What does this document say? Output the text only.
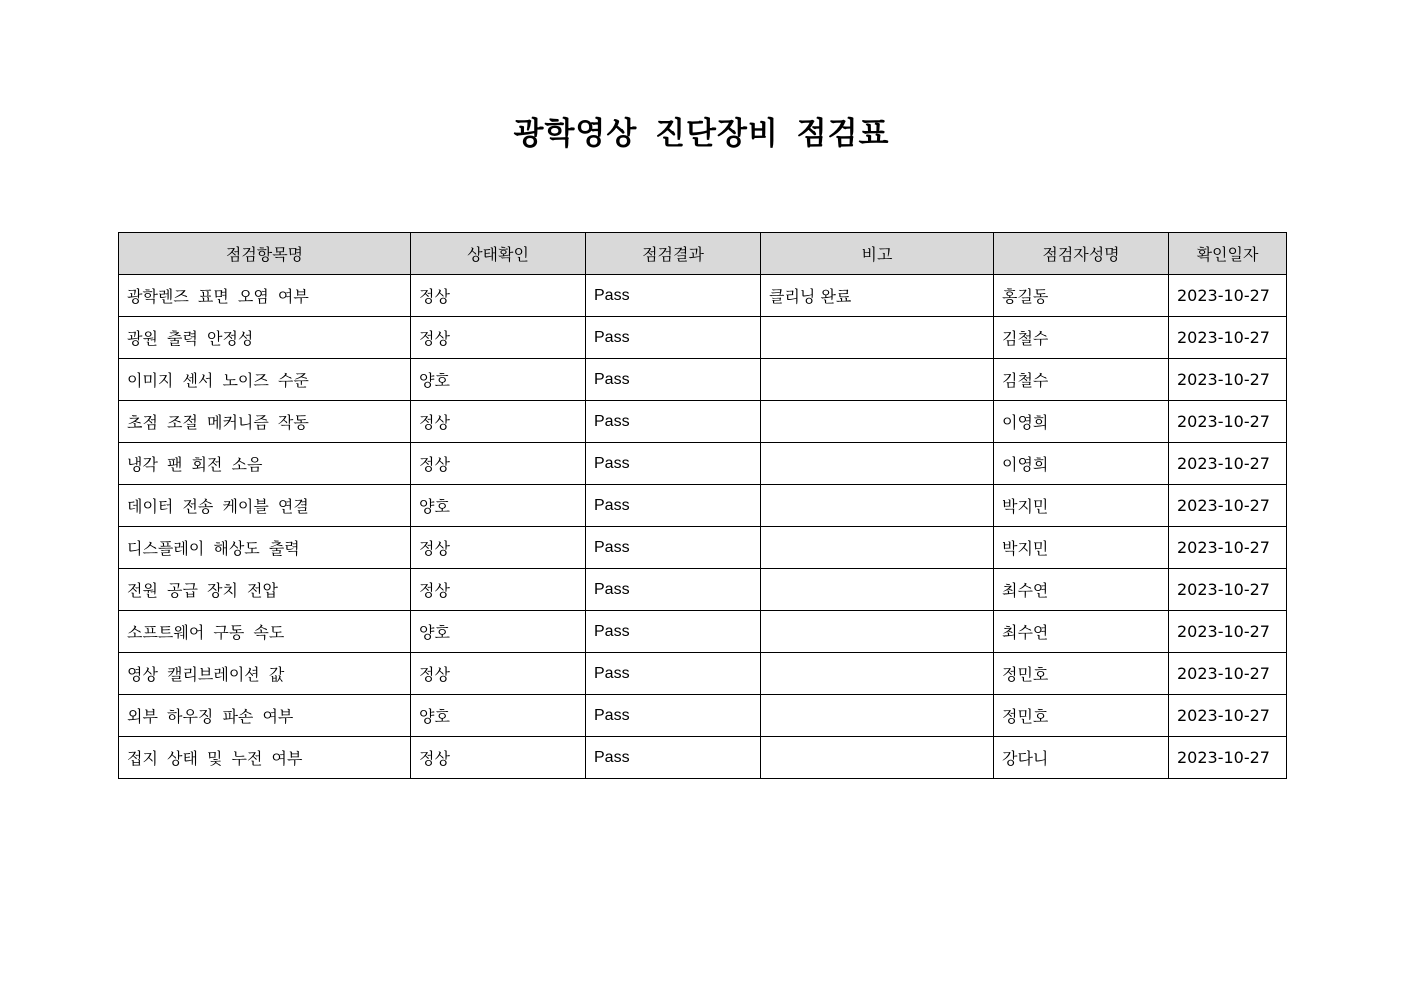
광학영상 진단장비 점검표
점검항목명	상태확인	점검결과	비고	점검자성명	확인일자
광학렌즈 표면 오염 여부	정상	Pass	클리닝 완료	홍길동	2023-10-27
광원 출력 안정성	정상	Pass		김철수	2023-10-27
이미지 센서 노이즈 수준	양호	Pass		김철수	2023-10-27
초점 조절 메커니즘 작동	정상	Pass		이영희	2023-10-27
냉각 팬 회전 소음	정상	Pass		이영희	2023-10-27
데이터 전송 케이블 연결	양호	Pass		박지민	2023-10-27
디스플레이 해상도 출력	정상	Pass		박지민	2023-10-27
전원 공급 장치 전압	정상	Pass		최수연	2023-10-27
소프트웨어 구동 속도	양호	Pass		최수연	2023-10-27
영상 캘리브레이션 값	정상	Pass		정민호	2023-10-27
외부 하우징 파손 여부	양호	Pass		정민호	2023-10-27
접지 상태 및 누전 여부	정상	Pass		강다니	2023-10-27
